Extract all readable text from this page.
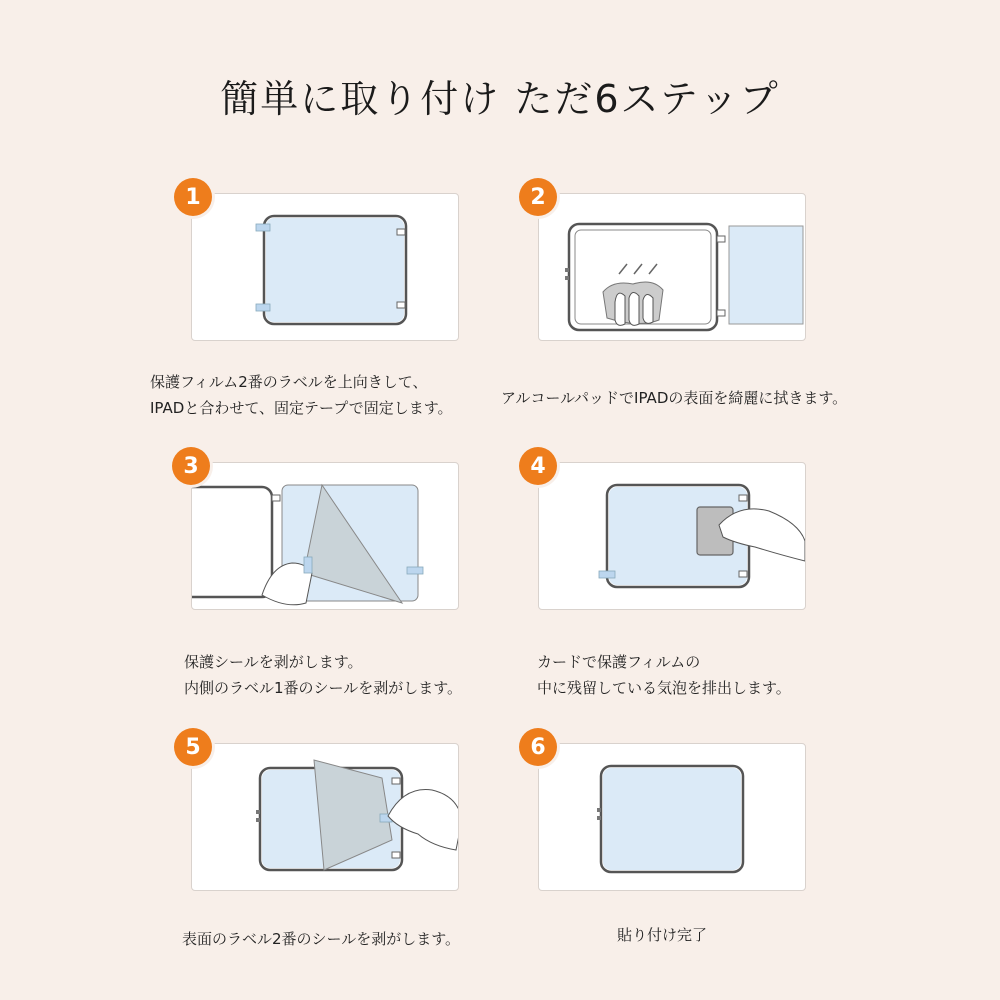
簡単に取り付け ただ6ステップ
1
保護フィルム2番のラベルを上向きして、
IPADと合わせて、固定テープで固定します。
2
アルコールパッドでIPADの表面を綺麗に拭きます。
3
保護シールを剥がします。
内側のラベル1番のシールを剥がします。
4
カードで保護フィルムの
中に残留している気泡を排出します。
5
表面のラベル2番のシールを剥がします。
6
貼り付け完了
